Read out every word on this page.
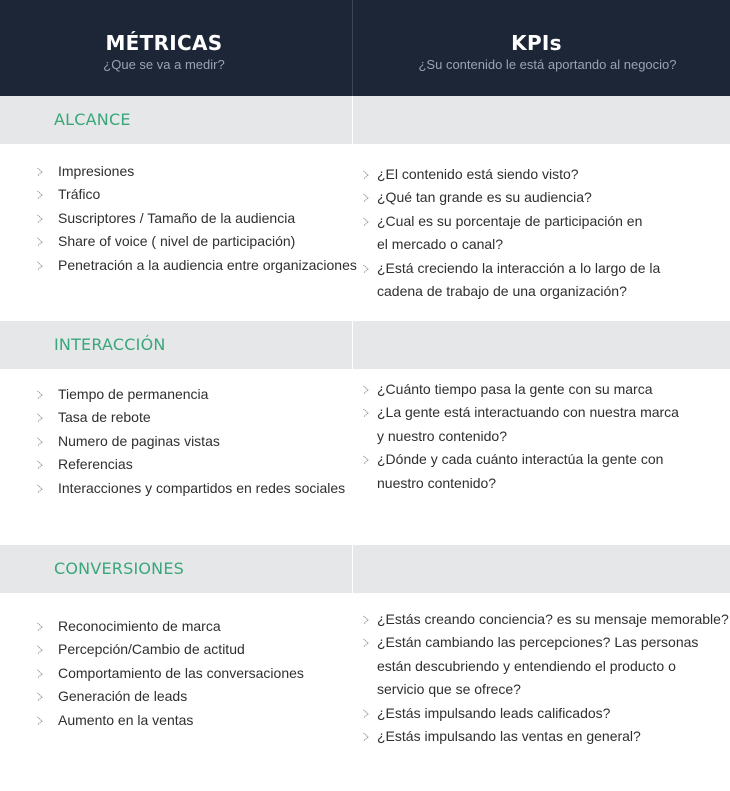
MÉTRICAS
¿Que se va a medir?
KPIs
¿Su contenido le está aportando al negocio?
ALCANCE
INTERACCIÓN
CONVERSIONES
Impresiones
Tráfico
Suscriptores / Tamaño de la audiencia
Share of voice ( nivel de participación)
Penetración a la audiencia entre organizaciones
¿El contenido está siendo visto?
¿Qué tan grande es su audiencia?
¿Cual es su porcentaje de participación en
el mercado o canal?
¿Está creciendo la interacción a lo largo de la
cadena de trabajo de una organización?
Tiempo de permanencia
Tasa de rebote
Numero de paginas vistas
Referencias
Interacciones y compartidos en redes sociales
¿Cuánto tiempo pasa la gente con su marca
¿La gente está interactuando con nuestra marca
y nuestro contenido?
¿Dónde y cada cuánto interactúa la gente con
nuestro contenido?
Reconocimiento de marca
Percepción/Cambio de actitud
Comportamiento de las conversaciones
Generación de leads
Aumento en la ventas
¿Estás creando conciencia? es su mensaje memorable?
¿Están cambiando las percepciones? Las personas
están descubriendo y entendiendo el producto o
servicio que se ofrece?
¿Estás impulsando leads calificados?
¿Estás impulsando las ventas en general?
